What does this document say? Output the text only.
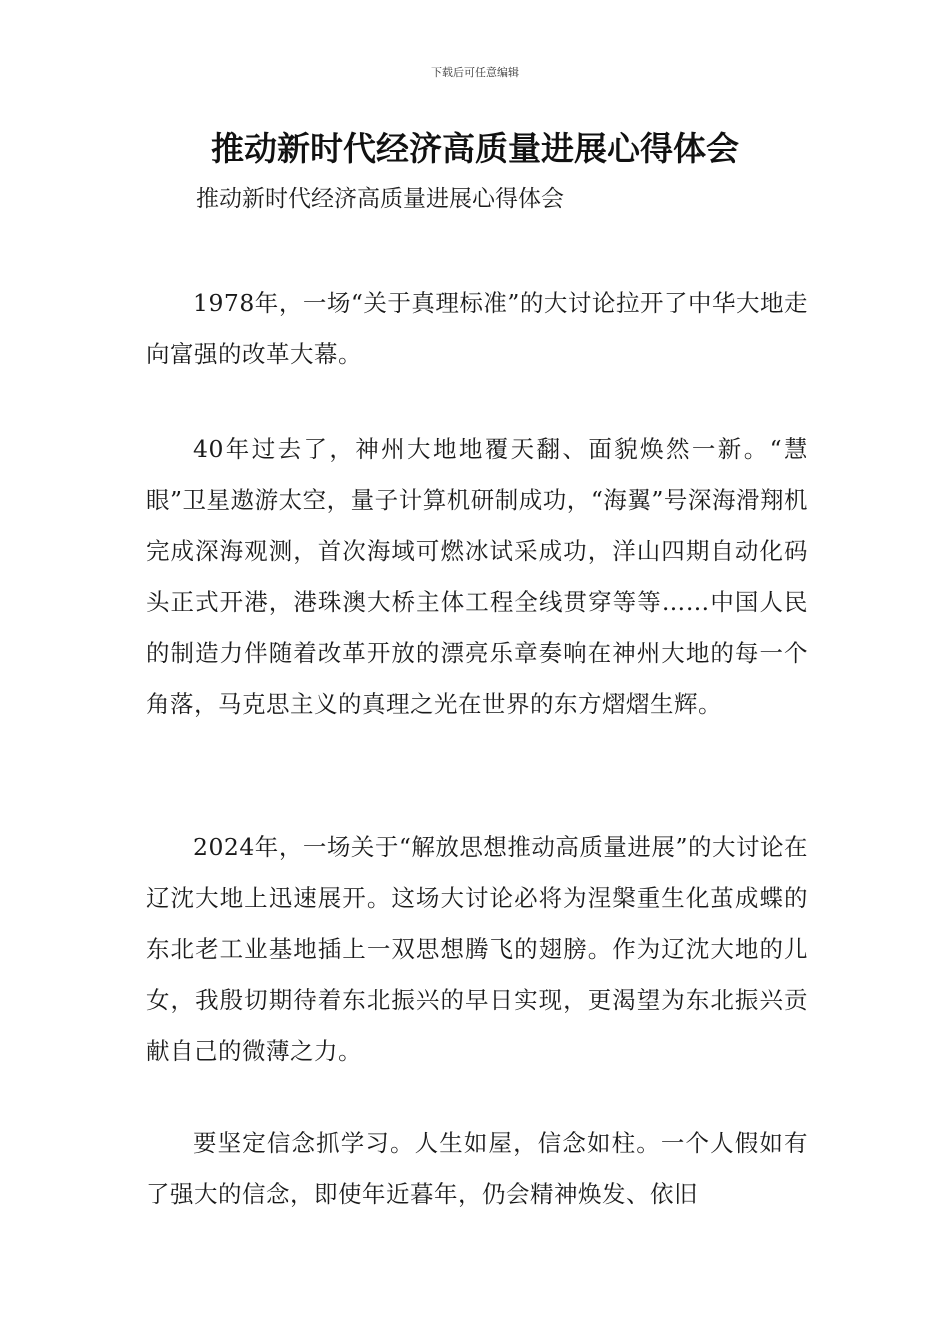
下载后可任意编辑
推动新时代经济高质量进展心得体会
推动新时代经济高质量进展心得体会

1978年，一场“关于真理标准”的大讨论拉开了中华大地走向富强的改革大幕。

40年过去了，神州大地地覆天翻、面貌焕然一新。“慧眼”卫星遨游太空，量子计算机研制成功，“海翼”号深海滑翔机完成深海观测，首次海域可燃冰试采成功，洋山四期自动化码头正式开港，港珠澳大桥主体工程全线贯穿等等……中国人民的制造力伴随着改革开放的漂亮乐章奏响在神州大地的每一个角落，马克思主义的真理之光在世界的东方熠熠生辉。

2024年，一场关于“解放思想推动高质量进展”的大讨论在辽沈大地上迅速展开。这场大讨论必将为涅槃重生化茧成蝶的东北老工业基地插上一双思想腾飞的翅膀。作为辽沈大地的儿女，我殷切期待着东北振兴的早日实现，更渴望为东北振兴贡献自己的微薄之力。

要坚定信念抓学习。人生如屋，信念如柱。一个人假如有了强大的信念，即使年近暮年，仍会精神焕发、依旧
